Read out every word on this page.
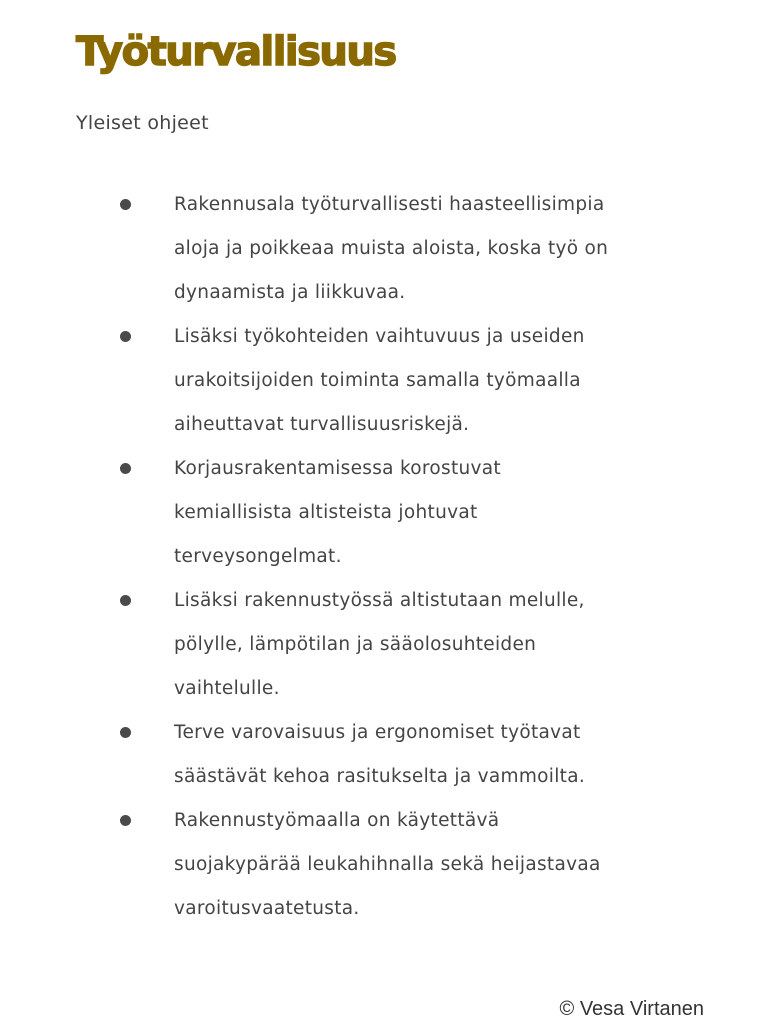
Työturvallisuus
Yleiset ohjeet
Rakennusala työturvallisesti haasteellisimpia
aloja ja poikkeaa muista aloista, koska työ on
dynaamista ja liikkuvaa.
Lisäksi työkohteiden vaihtuvuus ja useiden
urakoitsijoiden toiminta samalla työmaalla
aiheuttavat turvallisuusriskejä.
Korjausrakentamisessa korostuvat
kemiallisista altisteista johtuvat
terveysongelmat.
Lisäksi rakennustyössä altistutaan melulle,
pölylle, lämpötilan ja sääolosuhteiden
vaihtelulle.
Terve varovaisuus ja ergonomiset työtavat
säästävät kehoa rasitukselta ja vammoilta.
Rakennustyömaalla on käytettävä
suojakypärää leukahihnalla sekä heijastavaa
varoitusvaatetusta.
© Vesa Virtanen
